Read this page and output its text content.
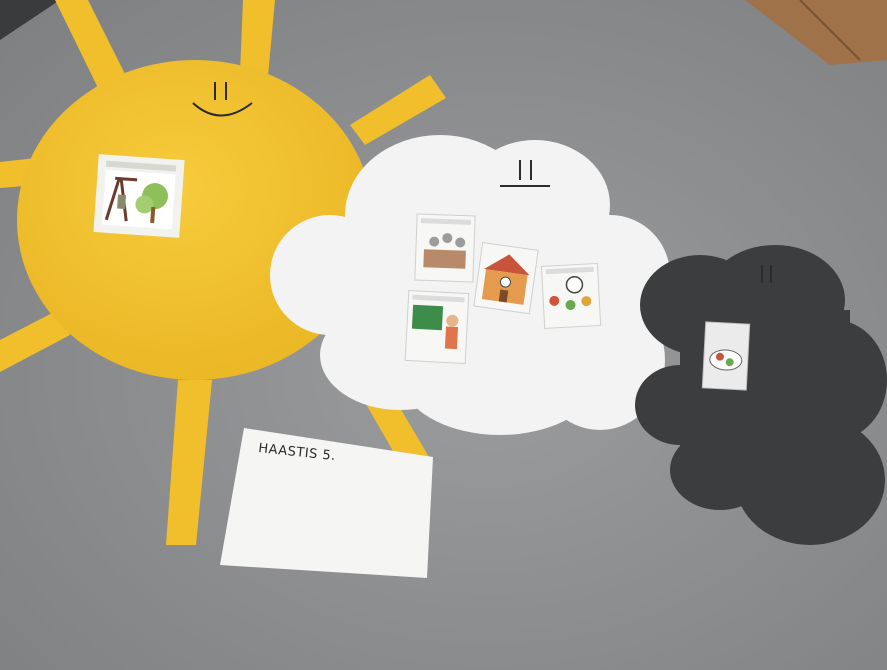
HAASTIS 5.
